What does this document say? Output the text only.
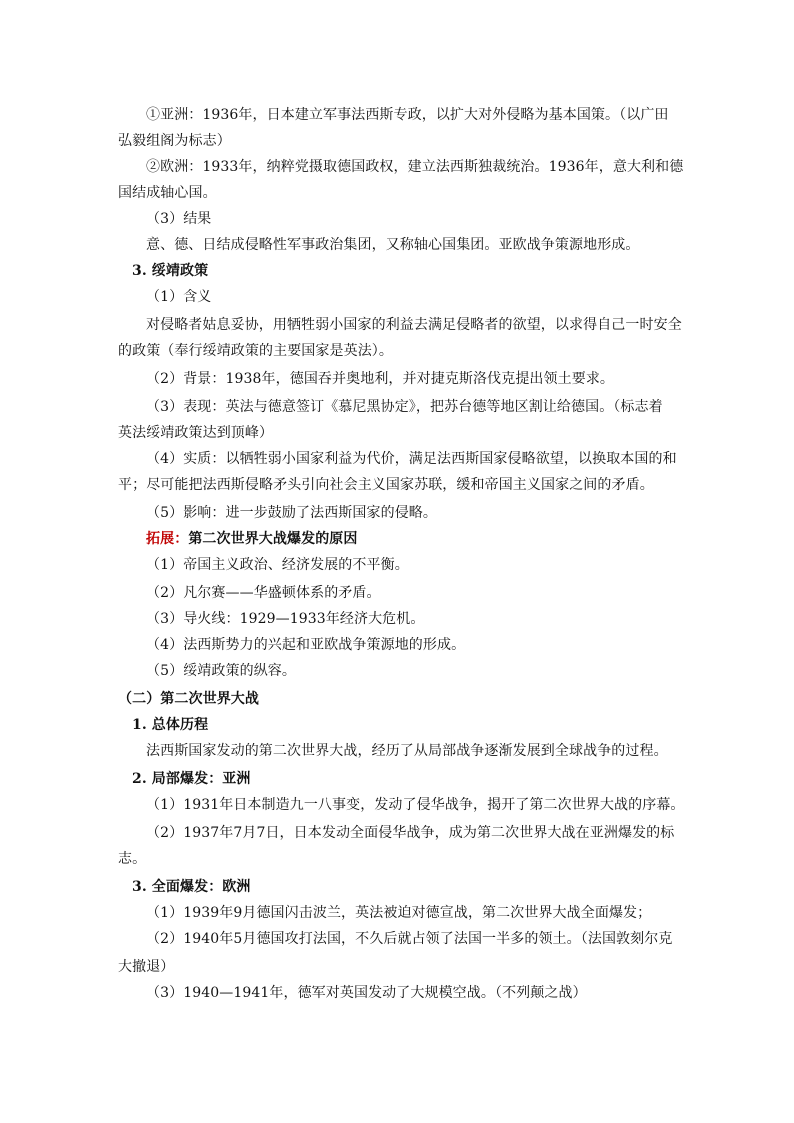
①亚洲：1936年，日本建立军事法西斯专政，以扩大对外侵略为基本国策。（以广田
弘毅组阁为标志）
②欧洲：1933年，纳粹党摄取德国政权，建立法西斯独裁统治。1936年，意大利和德
国结成轴心国。
（3）结果
意、德、日结成侵略性军事政治集团，又称轴心国集团。亚欧战争策源地形成。
3. 绥靖政策
（1）含义
对侵略者姑息妥协，用牺牲弱小国家的利益去满足侵略者的欲望，以求得自己一时安全
的政策（奉行绥靖政策的主要国家是英法）。
（2）背景：1938年，德国吞并奥地利，并对捷克斯洛伐克提出领土要求。
（3）表现：英法与德意签订《慕尼黑协定》，把苏台德等地区割让给德国。（标志着
英法绥靖政策达到顶峰）
（4）实质：以牺牲弱小国家利益为代价，满足法西斯国家侵略欲望，以换取本国的和
平；尽可能把法西斯侵略矛头引向社会主义国家苏联，缓和帝国主义国家之间的矛盾。
（5）影响：进一步鼓励了法西斯国家的侵略。
拓展：第二次世界大战爆发的原因
（1）帝国主义政治、经济发展的不平衡。
（2）凡尔赛——华盛顿体系的矛盾。
（3）导火线：1929—1933年经济大危机。
（4）法西斯势力的兴起和亚欧战争策源地的形成。
（5）绥靖政策的纵容。
（二）第二次世界大战
1. 总体历程
法西斯国家发动的第二次世界大战，经历了从局部战争逐渐发展到全球战争的过程。
2. 局部爆发：亚洲
（1）1931年日本制造九一八事变，发动了侵华战争，揭开了第二次世界大战的序幕。
（2）1937年7月7日，日本发动全面侵华战争，成为第二次世界大战在亚洲爆发的标
志。
3. 全面爆发：欧洲
（1）1939年9月德国闪击波兰，英法被迫对德宣战，第二次世界大战全面爆发；
（2）1940年5月德国攻打法国，不久后就占领了法国一半多的领土。（法国敦刻尔克
大撤退）
（3）1940—1941年，德军对英国发动了大规模空战。（不列颠之战）
